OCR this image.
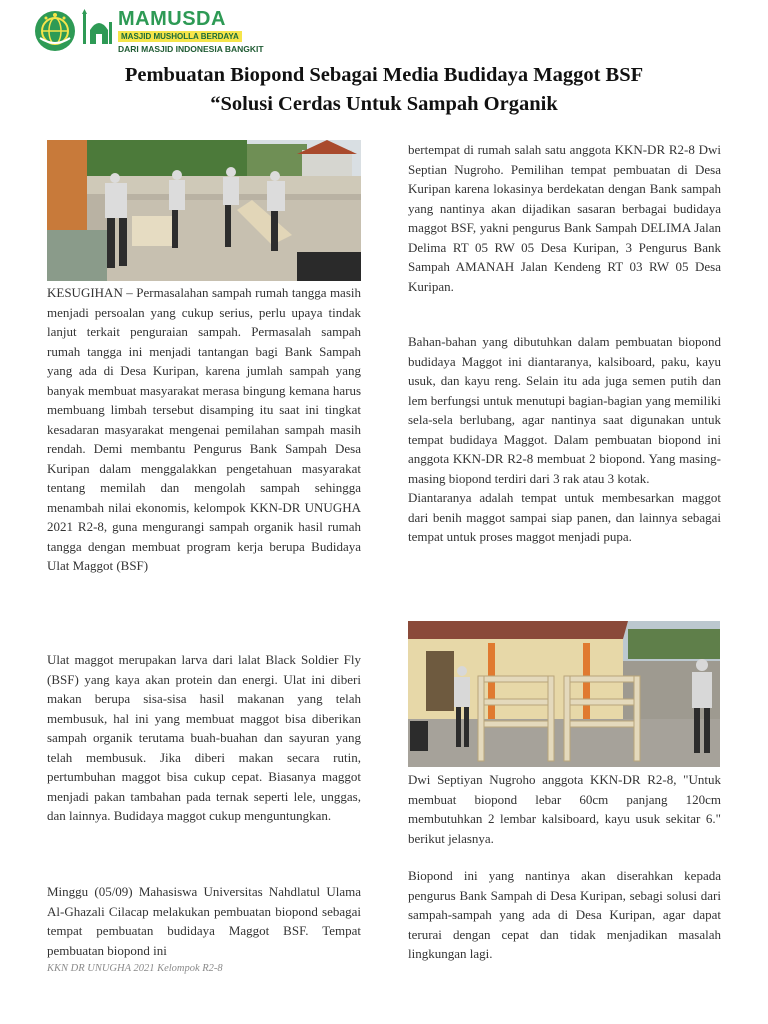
MAMUSDA
MASJID MUSHOLLA BERDAYA
DARI MASJID INDONESIA BANGKIT
Pembuatan Biopond Sebagai Media Budidaya Maggot BSF
“Solusi Cerdas Untuk Sampah Organik

KESUGIHAN – Permasalahan sampah rumah tangga masih menjadi persoalan yang cukup serius, perlu upaya tindak lanjut terkait penguraian sampah. Permasalah sampah rumah tangga ini menjadi tantangan bagi Bank Sampah yang ada di Desa Kuripan, karena jumlah sampah yang banyak membuat masyarakat merasa bingung kemana harus membuang limbah tersebut disamping itu saat ini tingkat kesadaran masyarakat mengenai pemilahan sampah masih rendah. Demi membantu Pengurus Bank Sampah Desa Kuripan dalam menggalakkan pengetahuan masyarakat tentang memilah dan mengolah sampah sehingga menambah nilai ekonomis, kelompok KKN-DR UNUGHA 2021 R2-8, guna mengurangi sampah organik hasil rumah tangga dengan membuat program kerja berupa Budidaya Ulat Maggot (BSF)

Ulat maggot merupakan larva dari lalat Black Soldier Fly (BSF) yang kaya akan protein dan energi. Ulat ini diberi makan berupa sisa-sisa hasil makanan yang telah membusuk, hal ini yang membuat maggot bisa diberikan sampah organik terutama buah-buahan dan sayuran yang telah membusuk. Jika diberi makan secara rutin, pertumbuhan maggot bisa cukup cepat. Biasanya maggot menjadi pakan tambahan pada ternak seperti lele, unggas, dan lainnya. Budidaya maggot cukup menguntungkan.

Minggu (05/09) Mahasiswa Universitas Nahdlatul Ulama Al-Ghazali Cilacap melakukan pembuatan biopond sebagai tempat pembuatan budidaya Maggot BSF. Tempat pembuatan biopond ini

bertempat di rumah salah satu anggota KKN-DR R2-8 Dwi Septian Nugroho. Pemilihan tempat pembuatan di Desa Kuripan karena lokasinya berdekatan dengan Bank sampah yang nantinya akan dijadikan sasaran berbagai budidaya maggot BSF, yakni pengurus Bank Sampah DELIMA Jalan Delima RT 05 RW 05 Desa Kuripan, 3 Pengurus Bank Sampah AMANAH Jalan Kendeng RT 03 RW 05 Desa Kuripan.

Bahan-bahan yang dibutuhkan dalam pembuatan biopond budidaya Maggot ini diantaranya, kalsiboard, paku, kayu usuk, dan kayu reng. Selain itu ada juga semen putih dan lem berfungsi untuk menutupi bagian-bagian yang memiliki sela-sela berlubang, agar nantinya saat digunakan untuk tempat budidaya Maggot. Dalam pembuatan biopond ini anggota KKN-DR R2-8 membuat 2 biopond. Yang masing-masing biopond terdiri dari 3 rak atau 3 kotak.

Diantaranya adalah tempat untuk membesarkan maggot dari benih maggot sampai siap panen, dan lainnya sebagai tempat untuk proses maggot menjadi pupa.

Dwi Septiyan Nugroho anggota KKN-DR R2-8, "Untuk membuat biopond lebar 60cm panjang 120cm membutuhkan 2 lembar kalsiboard, kayu usuk sekitar 6." berikut jelasnya.

Biopond ini yang nantinya akan diserahkan kepada pengurus Bank Sampah di Desa Kuripan, sebagi solusi dari sampah-sampah yang ada di Desa Kuripan, agar dapat terurai dengan cepat dan tidak menjadikan masalah lingkungan lagi.

KKN DR UNUGHA 2021 Kelompok R2-8
